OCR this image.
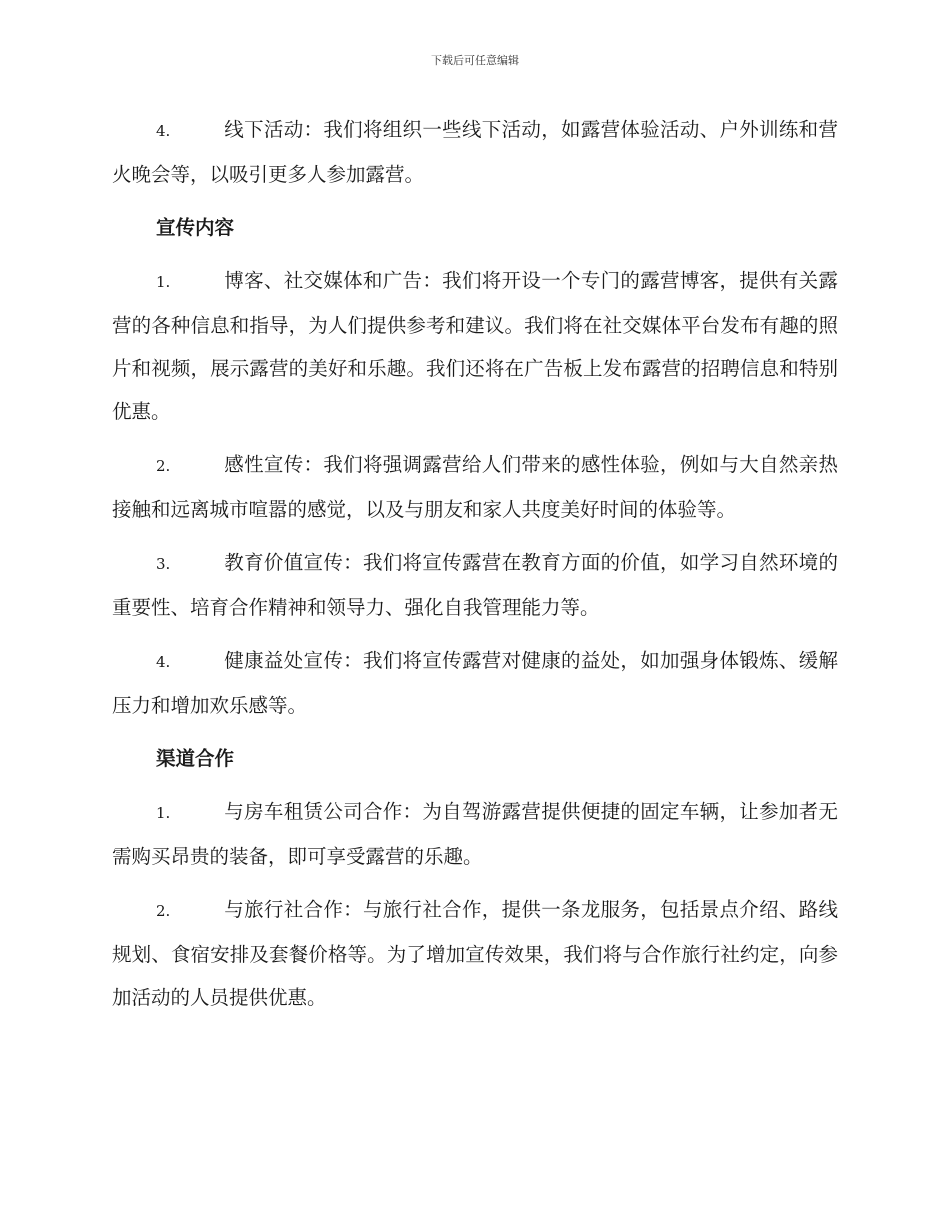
下载后可任意编辑

4.	线下活动：我们将组织一些线下活动，如露营体验活动、户外训练和营火晚会等，以吸引更多人参加露营。

宣传内容

1.	博客、社交媒体和广告：我们将开设一个专门的露营博客，提供有关露营的各种信息和指导，为人们提供参考和建议。我们将在社交媒体平台发布有趣的照片和视频，展示露营的美好和乐趣。我们还将在广告板上发布露营的招聘信息和特别优惠。

2.	感性宣传：我们将强调露营给人们带来的感性体验，例如与大自然亲热接触和远离城市喧嚣的感觉，以及与朋友和家人共度美好时间的体验等。

3.	教育价值宣传：我们将宣传露营在教育方面的价值，如学习自然环境的重要性、培育合作精神和领导力、强化自我管理能力等。

4.	健康益处宣传：我们将宣传露营对健康的益处，如加强身体锻炼、缓解压力和增加欢乐感等。

渠道合作

1.	与房车租赁公司合作：为自驾游露营提供便捷的固定车辆，让参加者无需购买昂贵的装备，即可享受露营的乐趣。

2.	与旅行社合作：与旅行社合作，提供一条龙服务，包括景点介绍、路线规划、食宿安排及套餐价格等。为了增加宣传效果，我们将与合作旅行社约定，向参加活动的人员提供优惠。
